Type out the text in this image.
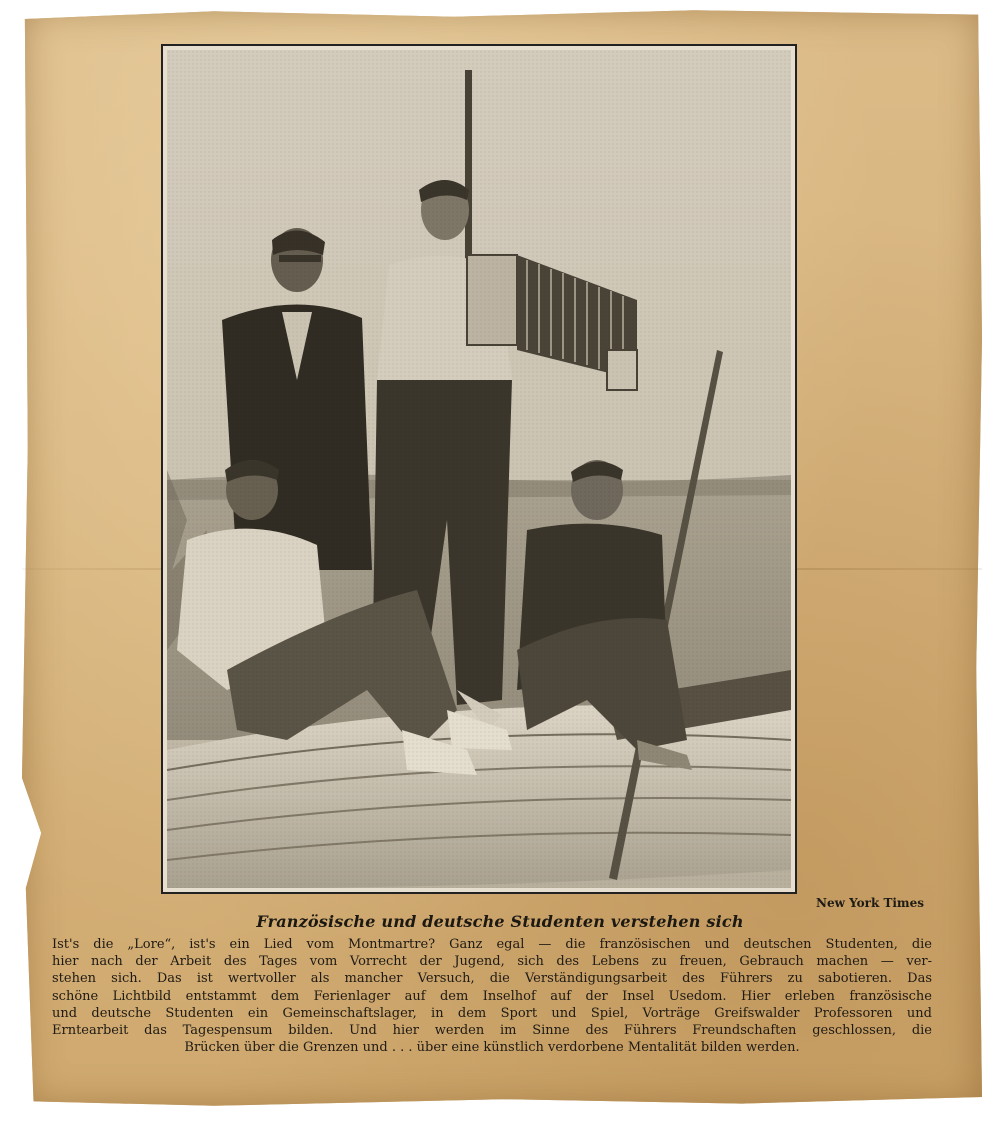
New York Times
Französische und deutsche Studenten verstehen sich
Ist's die „Lore“, ist's ein Lied vom Montmartre? Ganz egal — die französischen und deutschen Studenten, die
hier nach der Arbeit des Tages vom Vorrecht der Jugend, sich des Lebens zu freuen, Gebrauch machen — ver-
stehen sich. Das ist wertvoller als mancher Versuch, die Verständigungsarbeit des Führers zu sabotieren. Das
schöne Lichtbild entstammt dem Ferienlager auf dem Inselhof auf der Insel Usedom. Hier erleben französische
und deutsche Studenten ein Gemeinschaftslager, in dem Sport und Spiel, Vorträge Greifswalder Professoren und
Erntearbeit das Tagespensum bilden. Und hier werden im Sinne des Führers Freundschaften geschlossen, die
Brücken über die Grenzen und . . . über eine künstlich verdorbene Mentalität bilden werden.
